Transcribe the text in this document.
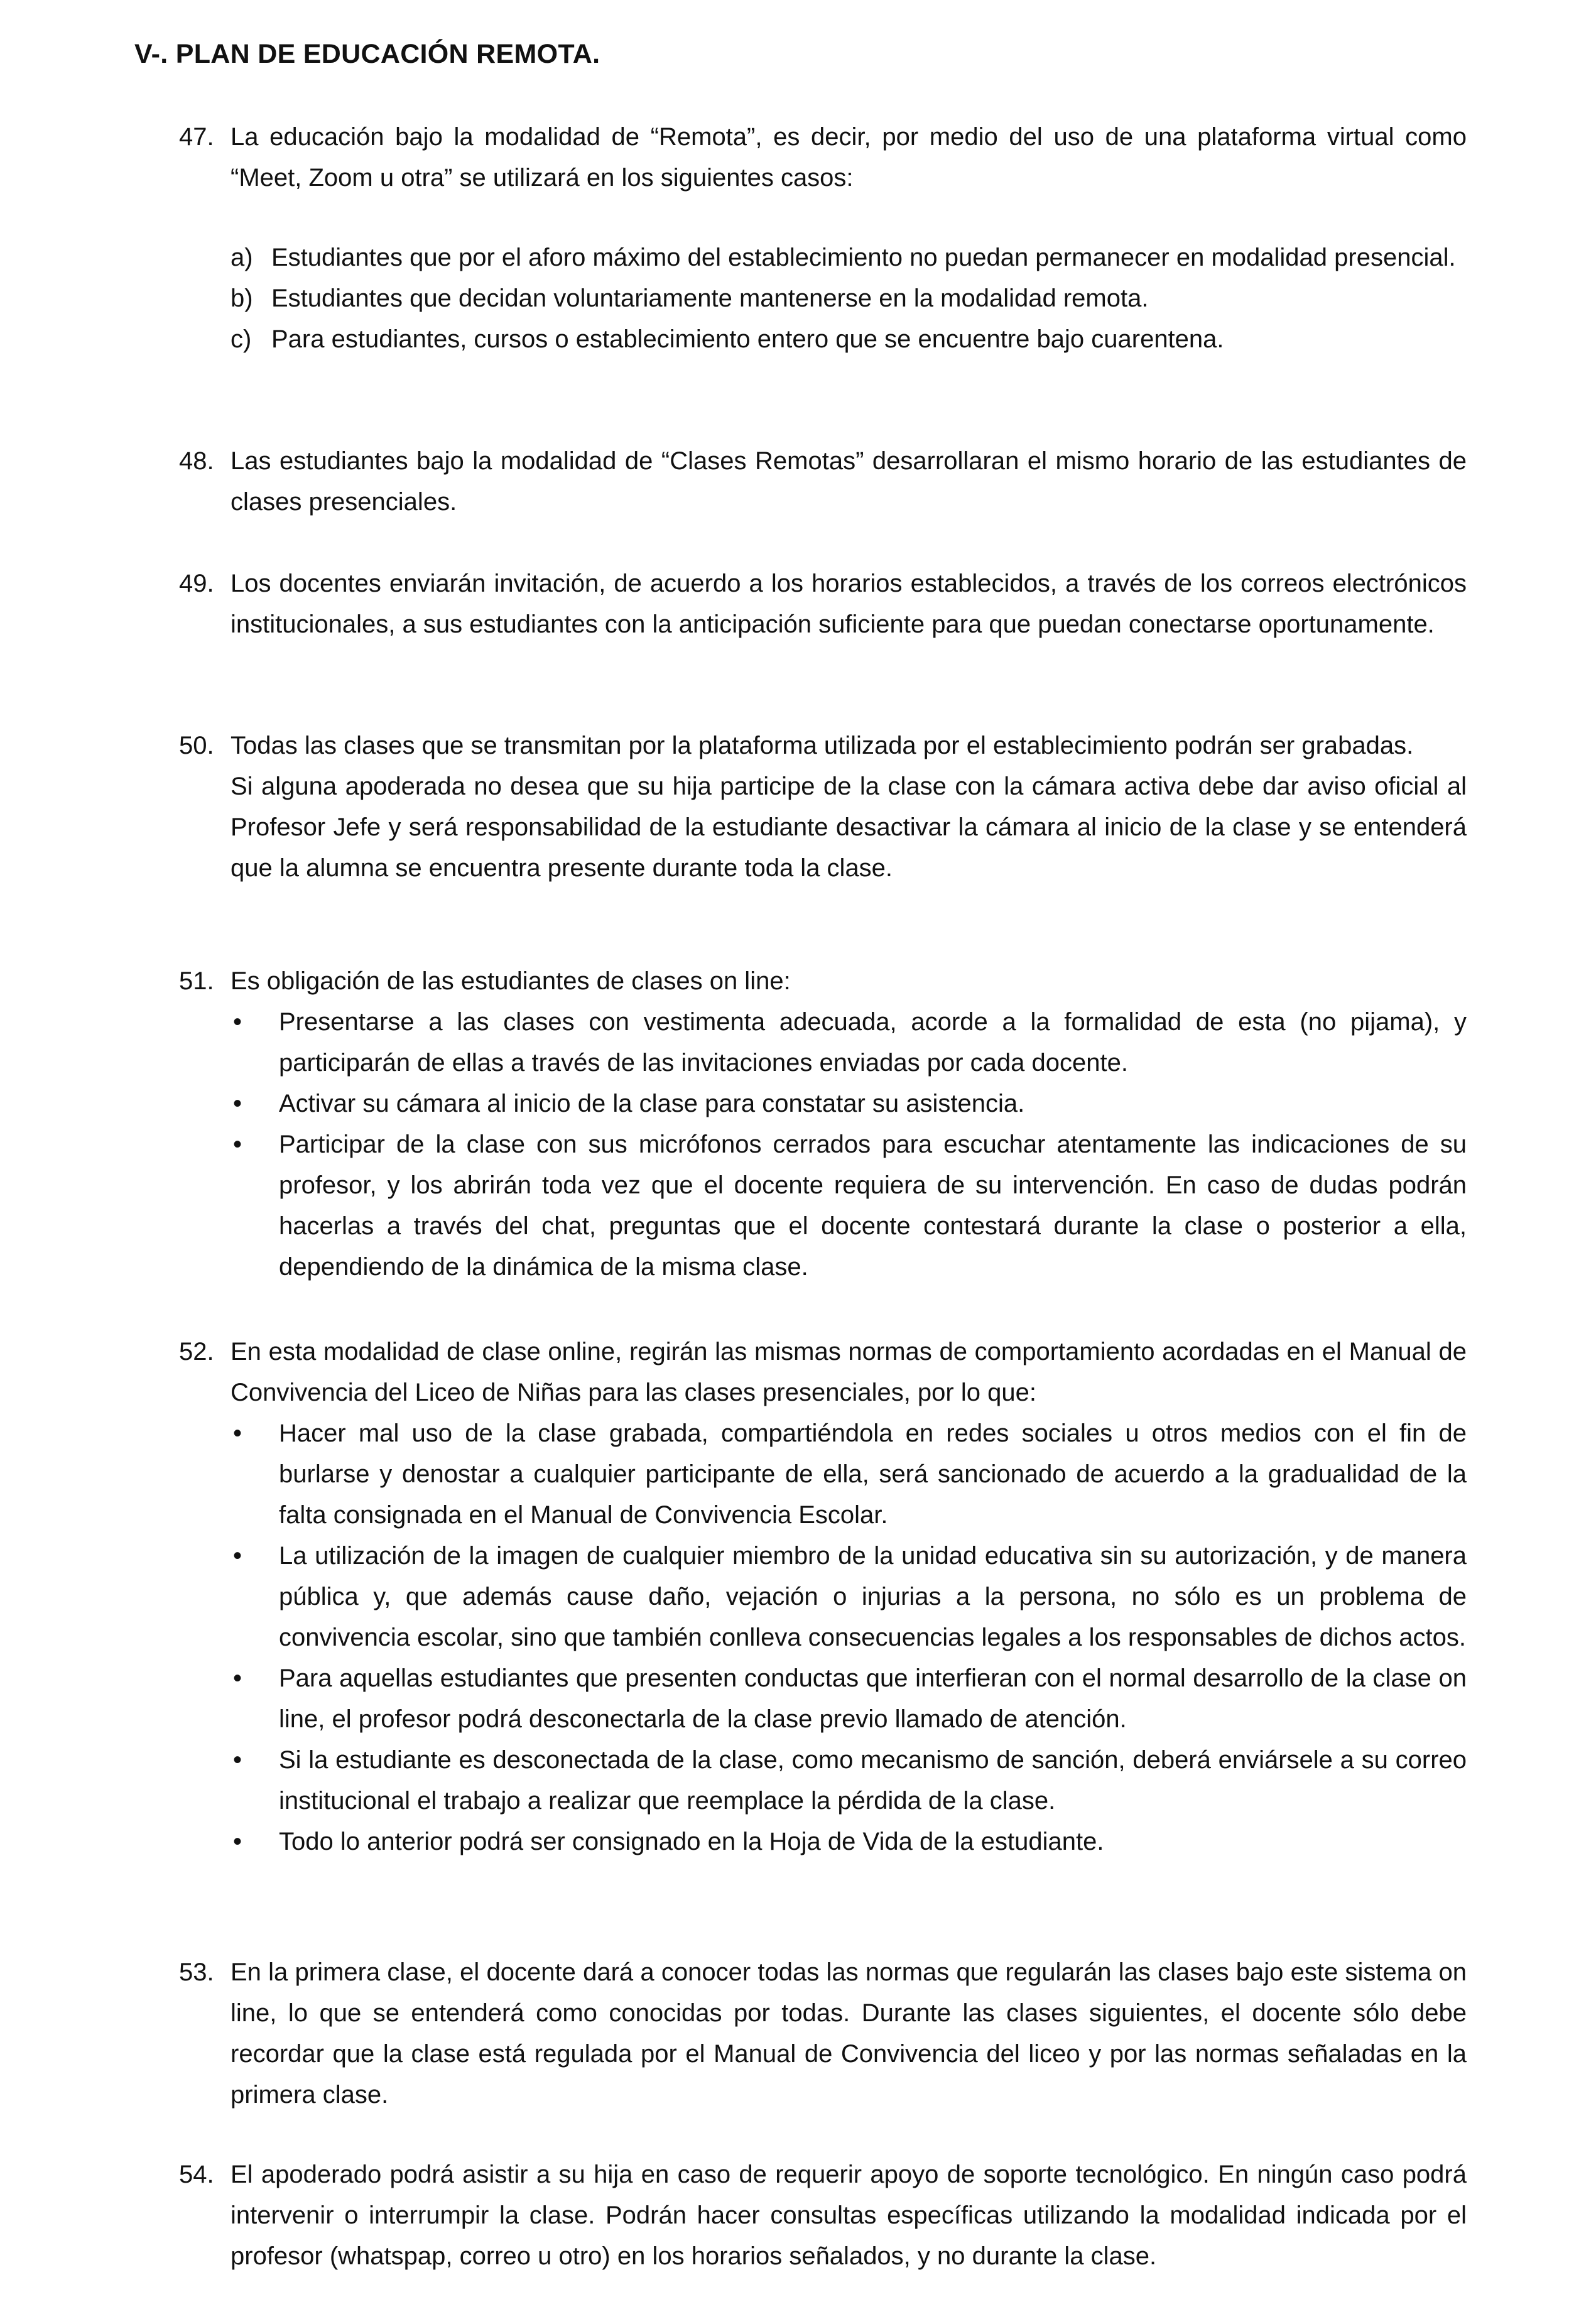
V-. PLAN DE EDUCACIÓN REMOTA.
47. La educación bajo la modalidad de “Remota”, es decir, por medio del uso de una plataforma virtual como “Meet, Zoom u otra” se utilizará en los siguientes casos:
a) Estudiantes que por el aforo máximo del establecimiento no puedan permanecer en modalidad presencial.
b) Estudiantes que decidan voluntariamente mantenerse en la modalidad remota.
c) Para estudiantes, cursos o establecimiento entero que se encuentre bajo cuarentena.
48. Las estudiantes bajo la modalidad de “Clases Remotas” desarrollaran el mismo horario de las estudiantes de clases presenciales.
49. Los docentes enviarán invitación, de acuerdo a los horarios establecidos, a través de los correos electrónicos institucionales, a sus estudiantes con la anticipación suficiente para que puedan conectarse oportunamente.
50. Todas las clases que se transmitan por la plataforma utilizada por el establecimiento podrán ser grabadas.
Si alguna apoderada no desea que su hija participe de la clase con la cámara activa debe dar aviso oficial al Profesor Jefe y será responsabilidad de la estudiante desactivar la cámara al inicio de la clase y se entenderá que la alumna se encuentra presente durante toda la clase.
51. Es obligación de las estudiantes de clases on line:
• Presentarse a las clases con vestimenta adecuada, acorde a la formalidad de esta (no pijama), y participarán de ellas a través de las invitaciones enviadas por cada docente.
• Activar su cámara al inicio de la clase para constatar su asistencia.
• Participar de la clase con sus micrófonos cerrados para escuchar atentamente las indicaciones de su profesor, y los abrirán toda vez que el docente requiera de su intervención. En caso de dudas podrán hacerlas a través del chat, preguntas que el docente contestará durante la clase o posterior a ella, dependiendo de la dinámica de la misma clase.
52. En esta modalidad de clase online, regirán las mismas normas de comportamiento acordadas en el Manual de Convivencia del Liceo de Niñas para las clases presenciales, por lo que:
• Hacer mal uso de la clase grabada, compartiéndola en redes sociales u otros medios con el fin de burlarse y denostar a cualquier participante de ella, será sancionado de acuerdo a la gradualidad de la falta consignada en el Manual de Convivencia Escolar.
• La utilización de la imagen de cualquier miembro de la unidad educativa sin su autorización, y de manera pública y, que además cause daño, vejación o injurias a la persona, no sólo es un problema de convivencia escolar, sino que también conlleva consecuencias legales a los responsables de dichos actos.
• Para aquellas estudiantes que presenten conductas que interfieran con el normal desarrollo de la clase on line, el profesor podrá desconectarla de la clase previo llamado de atención.
• Si la estudiante es desconectada de la clase, como mecanismo de sanción, deberá enviársele a su correo institucional el trabajo a realizar que reemplace la pérdida de la clase.
• Todo lo anterior podrá ser consignado en la Hoja de Vida de la estudiante.
53. En la primera clase, el docente dará a conocer todas las normas que regularán las clases bajo este sistema on line, lo que se entenderá como conocidas por todas. Durante las clases siguientes, el docente sólo debe recordar que la clase está regulada por el Manual de Convivencia del liceo y por las normas señaladas en la primera clase.
54. El apoderado podrá asistir a su hija en caso de requerir apoyo de soporte tecnológico. En ningún caso podrá intervenir o interrumpir la clase. Podrán hacer consultas específicas utilizando la modalidad indicada por el profesor (whatspap, correo u otro) en los horarios señalados, y no durante la clase.
